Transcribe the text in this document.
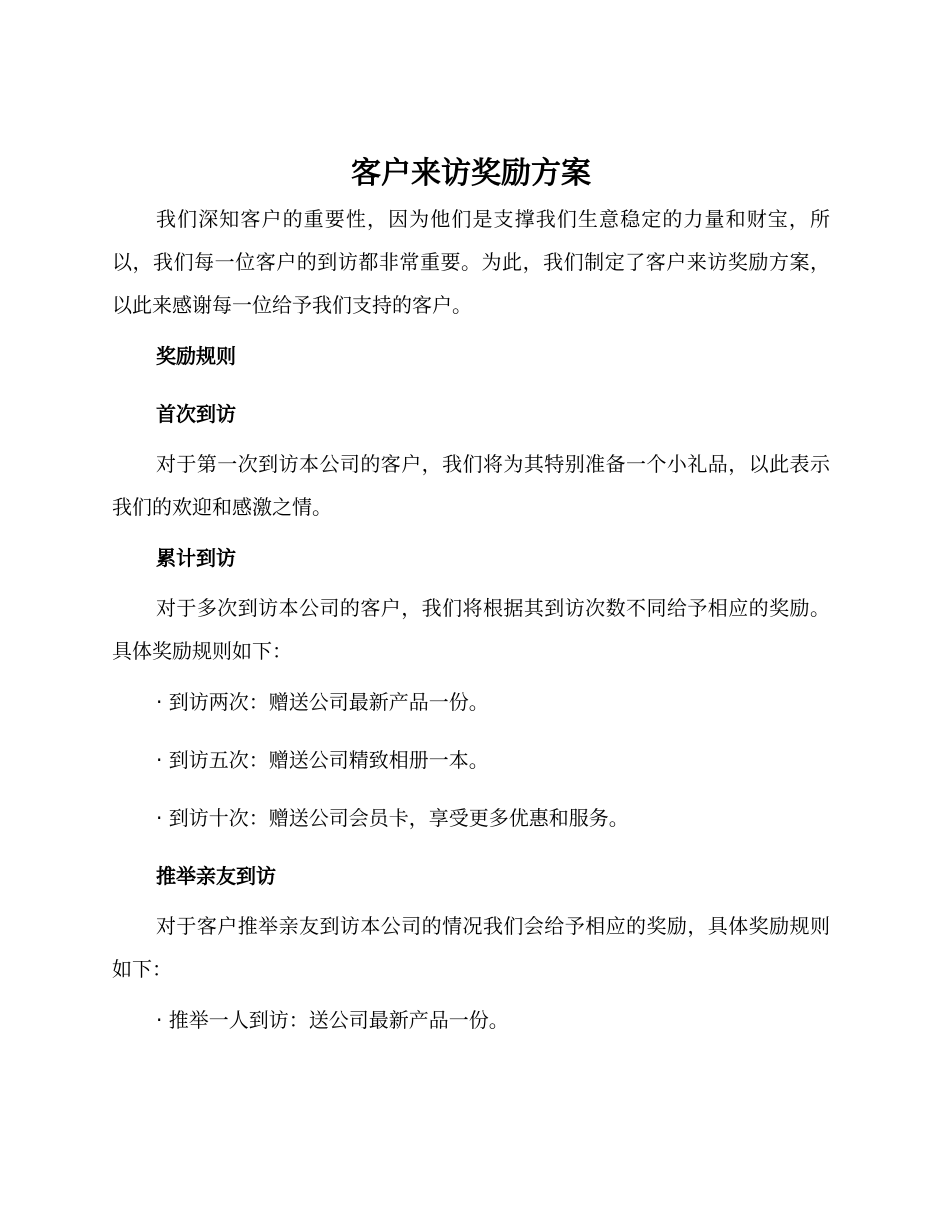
客户来访奖励方案

我们深知客户的重要性，因为他们是支撑我们生意稳定的力量和财宝，所以，我们每一位客户的到访都非常重要。为此，我们制定了客户来访奖励方案，以此来感谢每一位给予我们支持的客户。

奖励规则

首次到访

对于第一次到访本公司的客户，我们将为其特别准备一个小礼品，以此表示我们的欢迎和感激之情。

累计到访

对于多次到访本公司的客户，我们将根据其到访次数不同给予相应的奖励。具体奖励规则如下：

· 到访两次：赠送公司最新产品一份。

· 到访五次：赠送公司精致相册一本。

· 到访十次：赠送公司会员卡，享受更多优惠和服务。

推举亲友到访

对于客户推举亲友到访本公司的情况我们会给予相应的奖励，具体奖励规则如下：

· 推举一人到访：送公司最新产品一份。
